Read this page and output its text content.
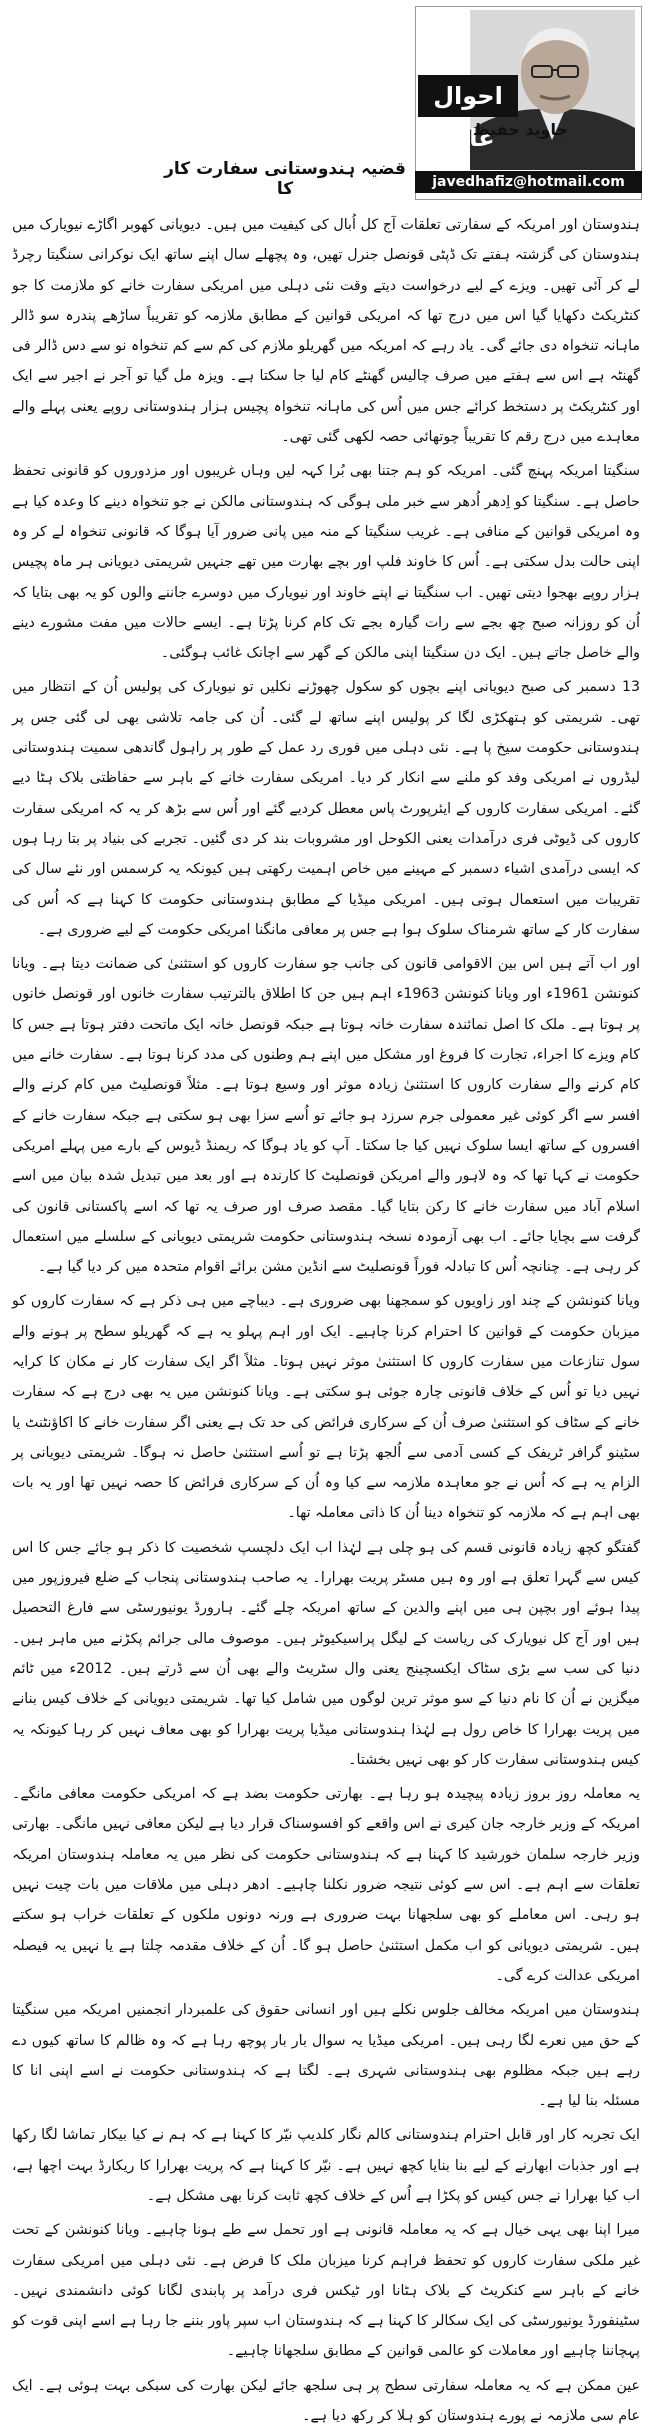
احوال عالم
جاوید حفیظ
javedhafiz@hotmail.com
قضیہ ہندوستانی سفارت کار کا

ہندوستان اور امریکہ کے سفارتی تعلقات آج کل اُبال کی کیفیت میں ہیں۔ دیویانی کھوبر اگاڑے نیویارک میں ہندوستان کی گزشتہ ہفتے تک ڈپٹی قونصل جنرل تھیں، وہ پچھلے سال اپنے ساتھ ایک نوکرانی سنگیتا رچرڈ لے کر آئی تھیں۔ ویزے کے لیے درخواست دیتے وقت نئی دہلی میں امریکی سفارت خانے کو ملازمت کا جو کنٹریکٹ دکھایا گیا اس میں درج تھا کہ امریکی قوانین کے مطابق ملازمہ کو تقریباً ساڑھے پندرہ سو ڈالر ماہانہ تنخواہ دی جائے گی۔ یاد رہے کہ امریکہ میں گھریلو ملازم کی کم سے کم تنخواہ نو سے دس ڈالر فی گھنٹہ ہے اس سے ہفتے میں صرف چالیس گھنٹے کام لیا جا سکتا ہے۔ ویزہ مل گیا تو آجر نے اجیر سے ایک اور کنٹریکٹ پر دستخط کرائے جس میں اُس کی ماہانہ تنخواہ پچیس ہزار ہندوستانی روپے یعنی پہلے والے معاہدے میں درج رقم کا تقریباً چوتھائی حصہ لکھی گئی تھی۔

سنگیتا امریکہ پہنچ گئی۔ امریکہ کو ہم جتنا بھی بُرا کہہ لیں وہاں غریبوں اور مزدوروں کو قانونی تحفظ حاصل ہے۔ سنگیتا کو اِدھر اُدھر سے خبر ملی ہوگی کہ ہندوستانی مالکن نے جو تنخواہ دینے کا وعدہ کیا ہے وہ امریکی قوانین کے منافی ہے۔ غریب سنگیتا کے منہ میں پانی ضرور آیا ہوگا کہ قانونی تنخواہ لے کر وہ اپنی حالت بدل سکتی ہے۔ اُس کا خاوند فلپ اور بچے بھارت میں تھے جنہیں شریمتی دیویانی ہر ماہ پچیس ہزار روپے بھجوا دیتی تھیں۔ اب سنگیتا نے اپنے خاوند اور نیویارک میں دوسرے جاننے والوں کو یہ بھی بتایا کہ اُن کو روزانہ صبح چھ بجے سے رات گیارہ بجے تک کام کرنا پڑتا ہے۔ ایسے حالات میں مفت مشورے دینے والے خاصل جاتے ہیں۔ ایک دن سنگیتا اپنی مالکن کے گھر سے اچانک غائب ہوگئی۔

13 دسمبر کی صبح دیویانی اپنے بچوں کو سکول چھوڑنے نکلیں تو نیویارک کی پولیس اُن کے انتظار میں تھی۔ شریمتی کو ہتھکڑی لگا کر پولیس اپنے ساتھ لے گئی۔ اُن کی جامہ تلاشی بھی لی گئی جس پر ہندوستانی حکومت سیخ پا ہے۔ نئی دہلی میں فوری رد عمل کے طور پر راہول گاندھی سمیت ہندوستانی لیڈروں نے امریکی وفد کو ملنے سے انکار کر دیا۔ امریکی سفارت خانے کے باہر سے حفاظتی بلاک ہٹا دیے گئے۔ امریکی سفارت کاروں کے ایئرپورٹ پاس معطل کردیے گئے اور اُس سے بڑھ کر یہ کہ امریکی سفارت کاروں کی ڈیوٹی فری درآمدات یعنی الکوحل اور مشروبات بند کر دی گئیں۔ تجربے کی بنیاد پر بتا رہا ہوں کہ ایسی درآمدی اشیاء دسمبر کے مہینے میں خاص اہمیت رکھتی ہیں کیونکہ یہ کرسمس اور نئے سال کی تقریبات میں استعمال ہوتی ہیں۔ امریکی میڈیا کے مطابق ہندوستانی حکومت کا کہنا ہے کہ اُس کی سفارت کار کے ساتھ شرمناک سلوک ہوا ہے جس پر معافی مانگنا امریکی حکومت کے لیے ضروری ہے۔

اور اب آتے ہیں اس بین الاقوامی قانون کی جانب جو سفارت کاروں کو استثنیٰ کی ضمانت دیتا ہے۔ ویانا کنونشن 1961ء اور ویانا کنونشن 1963ء اہم ہیں جن کا اطلاق بالترتیب سفارت خانوں اور قونصل خانوں پر ہوتا ہے۔ ملک کا اصل نمائندہ سفارت خانہ ہوتا ہے جبکہ قونصل خانہ ایک ماتحت دفتر ہوتا ہے جس کا کام ویزے کا اجراء، تجارت کا فروغ اور مشکل میں اپنے ہم وطنوں کی مدد کرنا ہوتا ہے۔ سفارت خانے میں کام کرنے والے سفارت کاروں کا استثنیٰ زیادہ موثر اور وسیع ہوتا ہے۔ مثلاً قونصلیٹ میں کام کرنے والے افسر سے اگر کوئی غیر معمولی جرم سرزد ہو جائے تو اُسے سزا بھی ہو سکتی ہے جبکہ سفارت خانے کے افسروں کے ساتھ ایسا سلوک نہیں کیا جا سکتا۔ آپ کو یاد ہوگا کہ ریمنڈ ڈیوس کے بارے میں پہلے امریکی حکومت نے کہا تھا کہ وہ لاہور والے امریکن قونصلیٹ کا کارندہ ہے اور بعد میں تبدیل شدہ بیان میں اسے اسلام آباد میں سفارت خانے کا رکن بتایا گیا۔ مقصد صرف اور صرف یہ تھا کہ اسے پاکستانی قانون کی گرفت سے بچایا جائے۔ اب بھی آزمودہ نسخہ ہندوستانی حکومت شریمتی دیویانی کے سلسلے میں استعمال کر رہی ہے۔ چنانچہ اُس کا تبادلہ فوراً قونصلیٹ سے انڈین مشن برائے اقوام متحدہ میں کر دیا گیا ہے۔

ویانا کنونشن کے چند اور زاویوں کو سمجھنا بھی ضروری ہے۔ دیباچے میں ہی ذکر ہے کہ سفارت کاروں کو میزبان حکومت کے قوانین کا احترام کرنا چاہیے۔ ایک اور اہم پہلو یہ ہے کہ گھریلو سطح پر ہونے والے سول تنازعات میں سفارت کاروں کا استثنیٰ موثر نہیں ہوتا۔ مثلاً اگر ایک سفارت کار نے مکان کا کرایہ نہیں دیا تو اُس کے خلاف قانونی چارہ جوئی ہو سکتی ہے۔ ویانا کنونشن میں یہ بھی درج ہے کہ سفارت خانے کے سٹاف کو استثنیٰ صرف اُن کے سرکاری فرائض کی حد تک ہے یعنی اگر سفارت خانے کا اکاؤنٹنٹ یا سٹینو گرافر ٹریفک کے کسی آدمی سے اُلجھ پڑتا ہے تو اُسے استثنیٰ حاصل نہ ہوگا۔ شریمتی دیویانی پر الزام یہ ہے کہ اُس نے جو معاہدہ ملازمہ سے کیا وہ اُن کے سرکاری فرائض کا حصہ نہیں تھا اور یہ بات بھی اہم ہے کہ ملازمہ کو تنخواہ دینا اُن کا ذاتی معاملہ تھا۔

گفتگو کچھ زیادہ قانونی قسم کی ہو چلی ہے لہٰذا اب ایک دلچسپ شخصیت کا ذکر ہو جائے جس کا اس کیس سے گہرا تعلق ہے اور وہ ہیں مسٹر پریت بھرارا۔ یہ صاحب ہندوستانی پنجاب کے ضلع فیروزپور میں پیدا ہوئے اور بچپن ہی میں اپنے والدین کے ساتھ امریکہ چلے گئے۔ ہارورڈ یونیورسٹی سے فارغ التحصیل ہیں اور آج کل نیویارک کی ریاست کے لیگل پراسیکیوٹر ہیں۔ موصوف مالی جرائم پکڑنے میں ماہر ہیں۔ دنیا کی سب سے بڑی سٹاک ایکسچینج یعنی وال سٹریٹ والے بھی اُن سے ڈرتے ہیں۔ 2012ء میں ٹائم میگزین نے اُن کا نام دنیا کے سو موثر ترین لوگوں میں شامل کیا تھا۔ شریمتی دیویانی کے خلاف کیس بنانے میں پریت بھرارا کا خاص رول ہے لہٰذا ہندوستانی میڈیا پریت بھرارا کو بھی معاف نہیں کر رہا کیونکہ یہ کیس ہندوستانی سفارت کار کو بھی نہیں بخشتا۔

یہ معاملہ روز بروز زیادہ پیچیدہ ہو رہا ہے۔ بھارتی حکومت بضد ہے کہ امریکی حکومت معافی مانگے۔ امریکہ کے وزیر خارجہ جان کیری نے اس واقعے کو افسوسناک قرار دیا ہے لیکن معافی نہیں مانگی۔ بھارتی وزیر خارجہ سلمان خورشید کا کہنا ہے کہ ہندوستانی حکومت کی نظر میں یہ معاملہ ہندوستان امریکہ تعلقات سے اہم ہے۔ اس سے کوئی نتیجہ ضرور نکلنا چاہیے۔ ادھر دہلی میں ملاقات میں بات چیت نہیں ہو رہی۔ اس معاملے کو بھی سلجھانا بہت ضروری ہے ورنہ دونوں ملکوں کے تعلقات خراب ہو سکتے ہیں۔ شریمتی دیویانی کو اب مکمل استثنیٰ حاصل ہو گا۔ اُن کے خلاف مقدمہ چلتا ہے یا نہیں یہ فیصلہ امریکی عدالت کرے گی۔

ہندوستان میں امریکہ مخالف جلوس نکلے ہیں اور انسانی حقوق کی علمبردار انجمنیں امریکہ میں سنگیتا کے حق میں نعرے لگا رہی ہیں۔ امریکی میڈیا یہ سوال بار بار پوچھ رہا ہے کہ وہ ظالم کا ساتھ کیوں دے رہے ہیں جبکہ مظلوم بھی ہندوستانی شہری ہے۔ لگتا ہے کہ ہندوستانی حکومت نے اسے اپنی انا کا مسئلہ بنا لیا ہے۔

ایک تجربہ کار اور قابل احترام ہندوستانی کالم نگار کلدیپ نیّر کا کہنا ہے کہ ہم نے کیا بیکار تماشا لگا رکھا ہے اور جذبات ابھارنے کے لیے بنا بنایا کچھ نہیں ہے۔ نیّر کا کہنا ہے کہ پریت بھرارا کا ریکارڈ بہت اچھا ہے، اب کیا بھرارا نے جس کیس کو پکڑا ہے اُس کے خلاف کچھ ثابت کرنا بھی مشکل ہے۔

میرا اپنا بھی یہی خیال ہے کہ یہ معاملہ قانونی ہے اور تحمل سے طے ہونا چاہیے۔ ویانا کنونشن کے تحت غیر ملکی سفارت کاروں کو تحفظ فراہم کرنا میزبان ملک کا فرض ہے۔ نئی دہلی میں امریکی سفارت خانے کے باہر سے کنکریٹ کے بلاک ہٹانا اور ٹیکس فری درآمد پر پابندی لگانا کوئی دانشمندی نہیں۔ سٹینفورڈ یونیورسٹی کی ایک سکالر کا کہنا ہے کہ ہندوستان اب سپر پاور بننے جا رہا ہے اسے اپنی قوت کو پہچاننا چاہیے اور معاملات کو عالمی قوانین کے مطابق سلجھانا چاہیے۔

عین ممکن ہے کہ یہ معاملہ سفارتی سطح پر ہی سلجھ جائے لیکن بھارت کی سبکی بہت ہوئی ہے۔ ایک عام سی ملازمہ نے پورے ہندوستان کو ہلا کر رکھ دیا ہے۔
